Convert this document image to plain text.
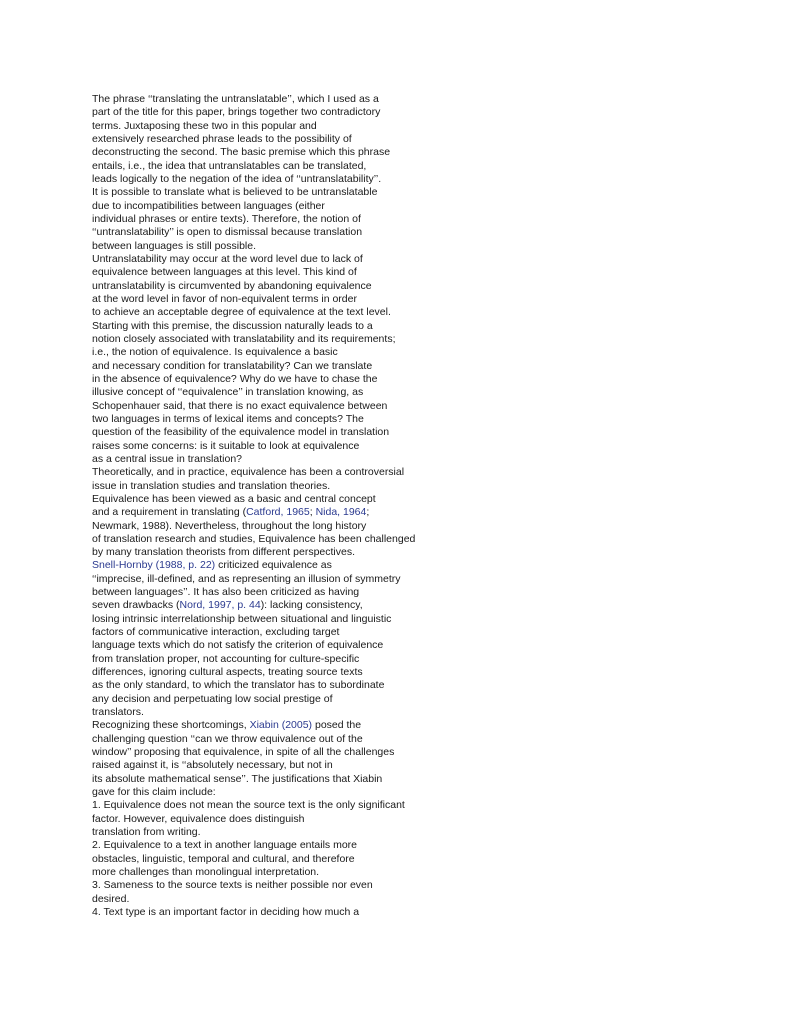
The phrase ‘‘translating the untranslatable’’, which I used as a
part of the title for this paper, brings together two contradictory
terms. Juxtaposing these two in this popular and
extensively researched phrase leads to the possibility of
deconstructing the second. The basic premise which this phrase
entails, i.e., the idea that untranslatables can be translated,
leads logically to the negation of the idea of ‘‘untranslatability’’.
It is possible to translate what is believed to be untranslatable
due to incompatibilities between languages (either
individual phrases or entire texts). Therefore, the notion of
‘‘untranslatability’’ is open to dismissal because translation
between languages is still possible.
Untranslatability may occur at the word level due to lack of
equivalence between languages at this level. This kind of
untranslatability is circumvented by abandoning equivalence
at the word level in favor of non-equivalent terms in order
to achieve an acceptable degree of equivalence at the text level.
Starting with this premise, the discussion naturally leads to a
notion closely associated with translatability and its requirements;
i.e., the notion of equivalence. Is equivalence a basic
and necessary condition for translatability? Can we translate
in the absence of equivalence? Why do we have to chase the
illusive concept of ‘‘equivalence’’ in translation knowing, as
Schopenhauer said, that there is no exact equivalence between
two languages in terms of lexical items and concepts? The
question of the feasibility of the equivalence model in translation
raises some concerns: is it suitable to look at equivalence
as a central issue in translation?
Theoretically, and in practice, equivalence has been a controversial
issue in translation studies and translation theories.
Equivalence has been viewed as a basic and central concept
and a requirement in translating (Catford, 1965; Nida, 1964;
Newmark, 1988). Nevertheless, throughout the long history
of translation research and studies, Equivalence has been challenged
by many translation theorists from different perspectives.
Snell-Hornby (1988, p. 22) criticized equivalence as
‘‘imprecise, ill-defined, and as representing an illusion of symmetry
between languages’’. It has also been criticized as having
seven drawbacks (Nord, 1997, p. 44): lacking consistency,
losing intrinsic interrelationship between situational and linguistic
factors of communicative interaction, excluding target
language texts which do not satisfy the criterion of equivalence
from translation proper, not accounting for culture-specific
differences, ignoring cultural aspects, treating source texts
as the only standard, to which the translator has to subordinate
any decision and perpetuating low social prestige of
translators.
Recognizing these shortcomings, Xiabin (2005) posed the
challenging question ‘‘can we throw equivalence out of the
window’’ proposing that equivalence, in spite of all the challenges
raised against it, is ‘‘absolutely necessary, but not in
its absolute mathematical sense’’. The justifications that Xiabin
gave for this claim include:
1. Equivalence does not mean the source text is the only significant
factor. However, equivalence does distinguish
translation from writing.
2. Equivalence to a text in another language entails more
obstacles, linguistic, temporal and cultural, and therefore
more challenges than monolingual interpretation.
3. Sameness to the source texts is neither possible nor even
desired.
4. Text type is an important factor in deciding how much a
